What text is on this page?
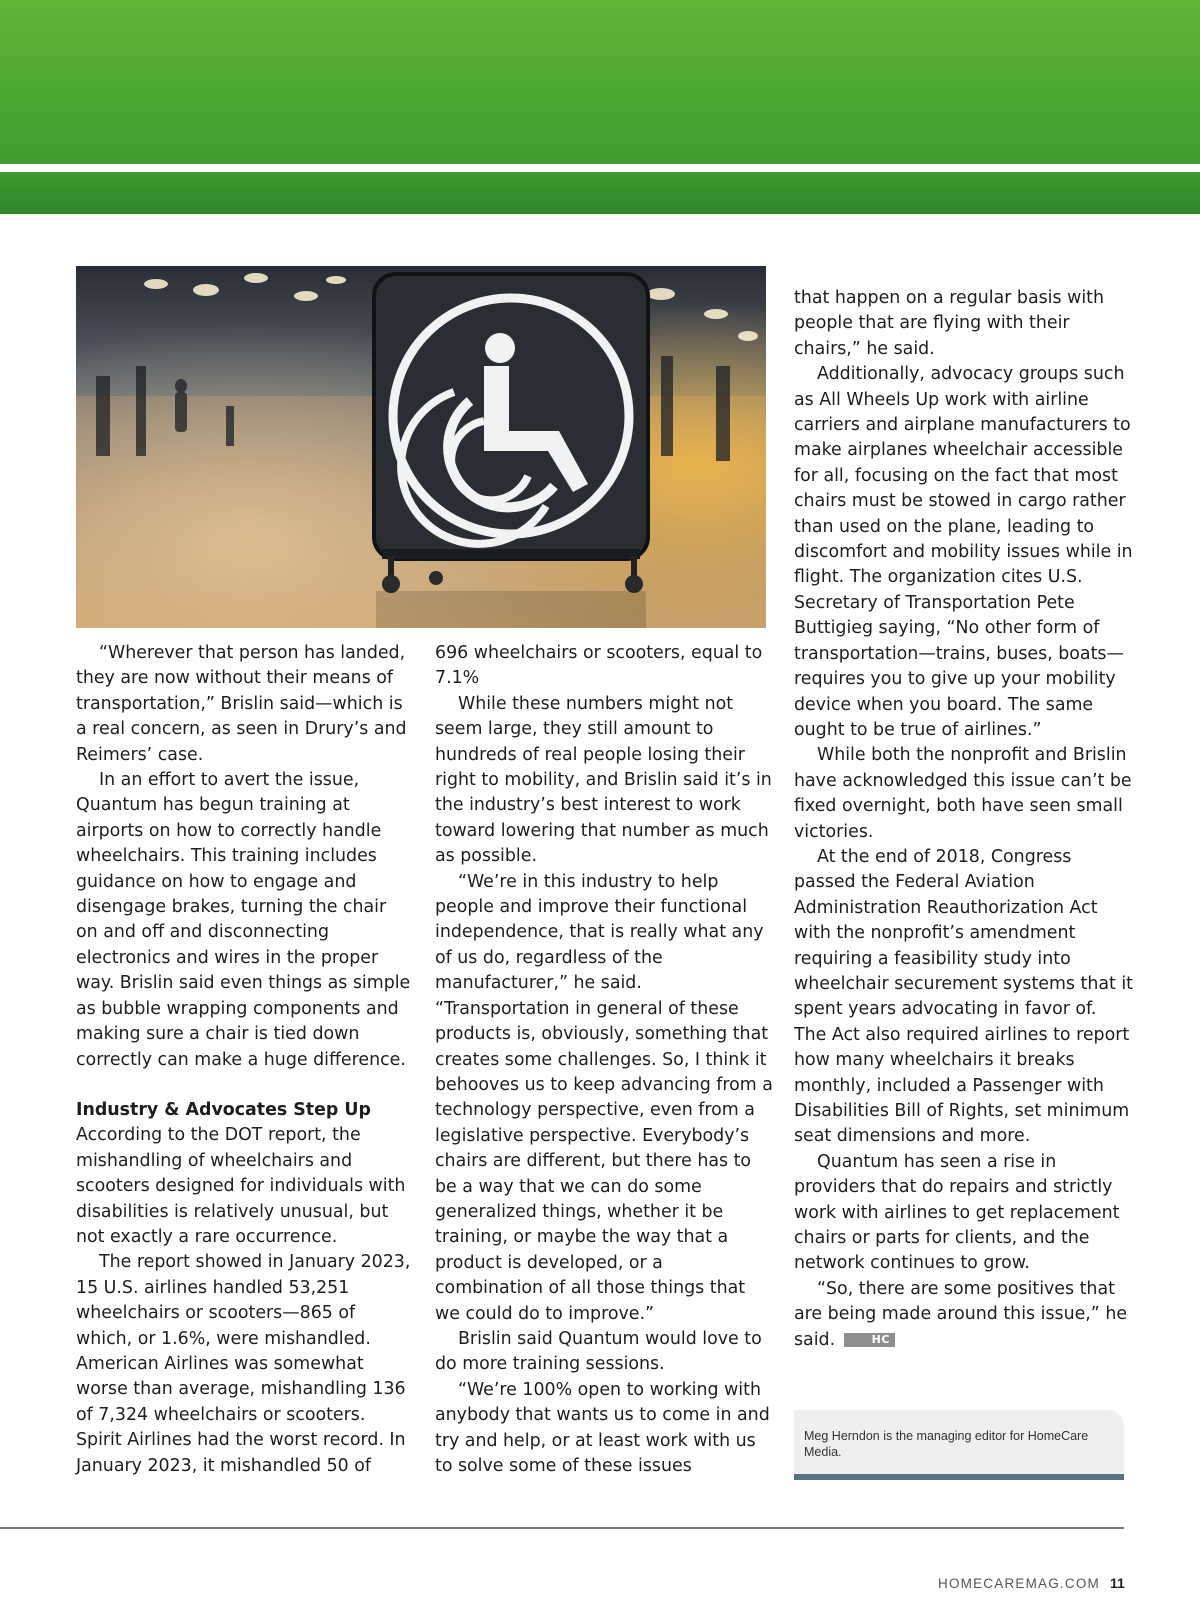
“Wherever that person has landed, they are now without their means of transportation,” Brislin said—which is a real concern, as seen in Drury’s and Reimers’ case.

In an effort to avert the issue, Quantum has begun training at airports on how to correctly handle wheelchairs. This training includes guidance on how to engage and disengage brakes, turning the chair on and off and disconnecting electronics and wires in the proper way. Brislin said even things as simple as bubble wrapping components and making sure a chair is tied down correctly can make a huge difference.

Industry & Advocates Step Up

According to the DOT report, the mishandling of wheelchairs and scooters designed for individuals with disabilities is relatively unusual, but not exactly a rare occurrence.

The report showed in January 2023, 15 U.S. airlines handled 53,251 wheelchairs or scooters—865 of which, or 1.6%, were mishandled. American Airlines was somewhat worse than average, mishandling 136 of 7,324 wheelchairs or scooters. Spirit Airlines had the worst record. In January 2023, it mishandled 50 of

696 wheelchairs or scooters, equal to 7.1%

While these numbers might not seem large, they still amount to hundreds of real people losing their right to mobility, and Brislin said it’s in the industry’s best interest to work toward lowering that number as much as possible.

“We’re in this industry to help people and improve their functional independence, that is really what any of us do, regardless of the manufacturer,” he said. “Transportation in general of these products is, obviously, something that creates some challenges. So, I think it behooves us to keep advancing from a technology perspective, even from a legislative perspective. Everybody’s chairs are different, but there has to be a way that we can do some generalized things, whether it be training, or maybe the way that a product is developed, or a combination of all those things that we could do to improve.”

Brislin said Quantum would love to do more training sessions.

“We’re 100% open to working with anybody that wants us to come in and try and help, or at least work with us to solve some of these issues

that happen on a regular basis with people that are flying with their chairs,” he said.

Additionally, advocacy groups such as All Wheels Up work with airline carriers and airplane manufacturers to make airplanes wheelchair accessible for all, focusing on the fact that most chairs must be stowed in cargo rather than used on the plane, leading to discomfort and mobility issues while in flight. The organization cites U.S. Secretary of Transportation Pete Buttigieg saying, “No other form of transportation—trains, buses, boats—requires you to give up your mobility device when you board. The same ought to be true of airlines.”

While both the nonprofit and Brislin have acknowledged this issue can’t be fixed overnight, both have seen small victories.

At the end of 2018, Congress passed the Federal Aviation Administration Reauthorization Act with the nonprofit’s amendment requiring a feasibility study into wheelchair securement systems that it spent years advocating in favor of. The Act also required airlines to report how many wheelchairs it breaks monthly, included a Passenger with Disabilities Bill of Rights, set minimum seat dimensions and more.

Quantum has seen a rise in providers that do repairs and strictly work with airlines to get replacement chairs or parts for clients, and the network continues to grow.

“So, there are some positives that are being made around this issue,” he said.	HC

Meg Herndon is the managing editor for HomeCare Media.
HOMECAREMAG.COM 11
